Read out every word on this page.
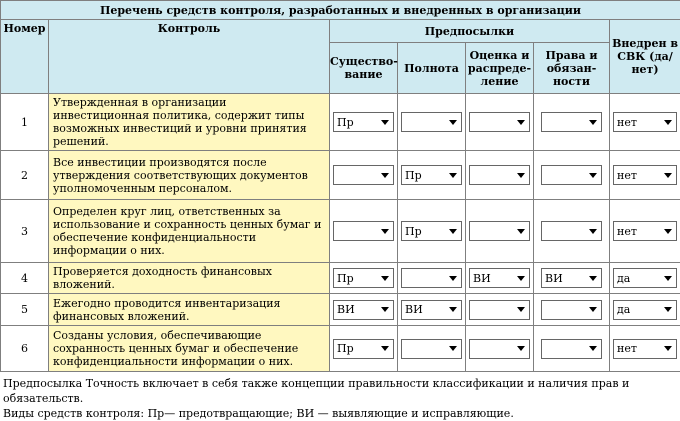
Перечень средств контроля, разработанных и внедренных в организации						
Номер	Контроль	Предпосылки				Внедрен в СВК (да/нет)
		Существо-вание	Полнота	Оценка и распреде-ление	Права и обязан-ности	
1	Утвержденная в организации инвестиционная политика, содержит типы возможных инвестиций и уровни принятия решений.	Пр				нет

2	Все инвестиции производятся после утверждения соответствующих документов уполномоченным персоналом.		Пр			нет

3	Определен круг лиц, ответственных за использование и сохранность ценных бумаг и обеспечение конфиденциальности информации о них.		Пр			нет

4	Проверяется доходность финансовых вложений.	Пр		ВИ	ВИ	да

5	Ежегодно проводится инвентаризация финансовых вложений.	ВИ	ВИ			да

6	Созданы условия, обеспечивающие сохранность ценных бумаг и обеспечение конфиденциальности информации о них.	Пр				нет
Предпосылка Точность включает в себя также концепции правильности классификации и наличия прав и обязательств.
Виды средств контроля: Пр— предотвращающие; ВИ — выявляющие и исправляющие.
